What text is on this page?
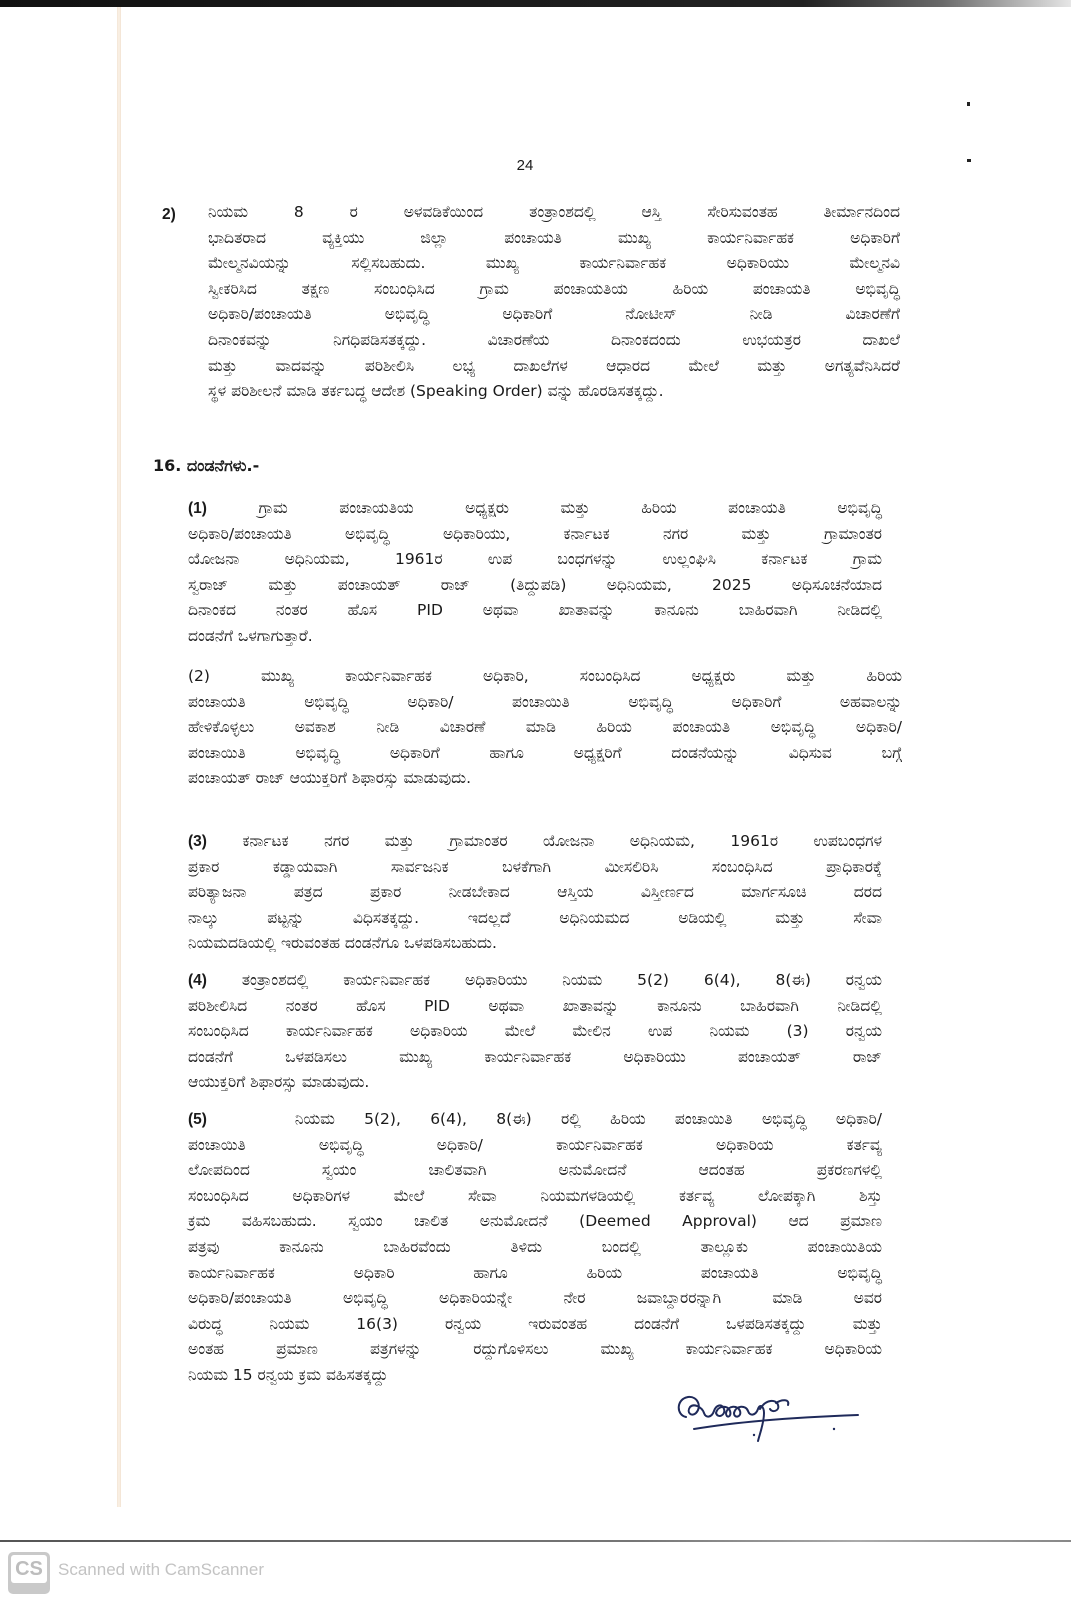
24
2) ನಿಯಮ 8 ರ ಅಳವಡಿಕೆಯಿಂದ ತಂತ್ರಾಂಶದಲ್ಲಿ ಆಸ್ತಿ ಸೇರಿಸುವಂತಹ ತೀರ್ಮಾನದಿಂದ
ಭಾದಿತರಾದ ವ್ಯಕ್ತಿಯು ಜಿಲ್ಲಾ ಪಂಚಾಯತಿ ಮುಖ್ಯ ಕಾರ್ಯನಿರ್ವಾಹಕ ಅಧಿಕಾರಿಗೆ
ಮೇಲ್ಮನವಿಯನ್ನು ಸಲ್ಲಿಸಬಹುದು. ಮುಖ್ಯ ಕಾರ್ಯನಿರ್ವಾಹಕ ಅಧಿಕಾರಿಯು ಮೇಲ್ಮನವಿ
ಸ್ವೀಕರಿಸಿದ ತಕ್ಷಣ ಸಂಬಂಧಿಸಿದ ಗ್ರಾಮ ಪಂಚಾಯತಿಯ ಹಿರಿಯ ಪಂಚಾಯತಿ ಅಭಿವೃದ್ಧಿ
ಅಧಿಕಾರಿ/ಪಂಚಾಯತಿ ಅಭಿವೃದ್ಧಿ ಅಧಿಕಾರಿಗೆ ನೋಟೀಸ್ ನೀಡಿ ವಿಚಾರಣೆಗೆ
ದಿನಾಂಕವನ್ನು ನಿಗಧಿಪಡಿಸತಕ್ಕದ್ದು. ವಿಚಾರಣೆಯ ದಿನಾಂಕದಂದು ಉಭಯತ್ರರ ದಾಖಲೆ
ಮತ್ತು ವಾದವನ್ನು ಪರಿಶೀಲಿಸಿ ಲಭ್ಯ ದಾಖಲೆಗಳ ಆಧಾರದ ಮೇಲೆ ಮತ್ತು ಅಗತ್ಯವೆನಿಸಿದರೆ
ಸ್ಥಳ ಪರಿಶೀಲನೆ ಮಾಡಿ ತರ್ಕಬದ್ಧ ಆದೇಶ (Speaking Order) ವನ್ನು ಹೊರಡಿಸತಕ್ಕದ್ದು.
16. ದಂಡನೆಗಳು.-
(1)	ಗ್ರಾಮ ಪಂಚಾಯತಿಯ ಅಧ್ಯಕ್ಷರು ಮತ್ತು ಹಿರಿಯ ಪಂಚಾಯತಿ ಅಭಿವೃದ್ಧಿ
ಅಧಿಕಾರಿ/ಪಂಚಾಯತಿ ಅಭಿವೃದ್ಧಿ ಅಧಿಕಾರಿಯು, ಕರ್ನಾಟಕ ನಗರ ಮತ್ತು ಗ್ರಾಮಾಂತರ
ಯೋಜನಾ ಅಧಿನಿಯಮ, 1961ರ ಉಪ ಬಂಧಗಳನ್ನು ಉಲ್ಲಂಘಿಸಿ ಕರ್ನಾಟಕ ಗ್ರಾಮ
ಸ್ವರಾಜ್ ಮತ್ತು ಪಂಚಾಯತ್ ರಾಜ್ (ತಿದ್ದುಪಡಿ) ಅಧಿನಿಯಮ, 2025 ಅಧಿಸೂಚನೆಯಾದ
ದಿನಾಂಕದ ನಂತರ ಹೊಸ PID ಅಥವಾ ಖಾತಾವನ್ನು ಕಾನೂನು ಬಾಹಿರವಾಗಿ ನೀಡಿದಲ್ಲಿ
ದಂಡನೆಗೆ ಒಳಗಾಗುತ್ತಾರೆ.
(2)	ಮುಖ್ಯ ಕಾರ್ಯನಿರ್ವಾಹಕ ಅಧಿಕಾರಿ, ಸಂಬಂಧಿಸಿದ ಅಧ್ಯಕ್ಷರು ಮತ್ತು ಹಿರಿಯ
ಪಂಚಾಯತಿ ಅಭಿವೃದ್ಧಿ ಅಧಿಕಾರಿ/ ಪಂಚಾಯಿತಿ ಅಭಿವೃದ್ಧಿ ಅಧಿಕಾರಿಗೆ ಅಹವಾಲನ್ನು
ಹೇಳಿಕೊಳ್ಳಲು ಅವಕಾಶ ನೀಡಿ ವಿಚಾರಣೆ ಮಾಡಿ ಹಿರಿಯ ಪಂಚಾಯತಿ ಅಭಿವೃದ್ಧಿ ಅಧಿಕಾರಿ/
ಪಂಚಾಯಿತಿ ಅಭಿವೃದ್ಧಿ ಅಧಿಕಾರಿಗೆ ಹಾಗೂ ಅಧ್ಯಕ್ಷರಿಗೆ ದಂಡನೆಯನ್ನು ವಿಧಿಸುವ ಬಗ್ಗೆ
ಪಂಚಾಯತ್ ರಾಜ್ ಆಯುಕ್ತರಿಗೆ ಶಿಫಾರಸ್ಸು ಮಾಡುವುದು.
(3) ಕರ್ನಾಟಕ ನಗರ ಮತ್ತು ಗ್ರಾಮಾಂತರ ಯೋಜನಾ ಅಧಿನಿಯಮ, 1961ರ ಉಪಬಂಧಗಳ
ಪ್ರಕಾರ ಕಡ್ಡಾಯವಾಗಿ ಸಾರ್ವಜನಿಕ ಬಳಕೆಗಾಗಿ ಮೀಸಲಿರಿಸಿ ಸಂಬಂಧಿಸಿದ ಪ್ರಾಧಿಕಾರಕ್ಕೆ
ಪರಿತ್ಯಾಜನಾ ಪತ್ರದ ಪ್ರಕಾರ ನೀಡಬೇಕಾದ ಆಸ್ತಿಯ ವಿಸ್ತೀರ್ಣದ ಮಾರ್ಗಸೂಚಿ ದರದ
ನಾಲ್ಕು ಪಟ್ಟನ್ನು ವಿಧಿಸತಕ್ಕದ್ದು. ಇದಲ್ಲದೆ ಅಧಿನಿಯಮದ ಅಡಿಯಲ್ಲಿ ಮತ್ತು ಸೇವಾ
ನಿಯಮದಡಿಯಲ್ಲಿ ಇರುವಂತಹ ದಂಡನೆಗೂ ಒಳಪಡಿಸಬಹುದು.
(4) ತಂತ್ರಾಂಶದಲ್ಲಿ ಕಾರ್ಯನಿರ್ವಾಹಕ ಅಧಿಕಾರಿಯು ನಿಯಮ 5(2) 6(4), 8(ಈ) ರನ್ವಯ
ಪರಿಶೀಲಿಸಿದ ನಂತರ ಹೊಸ PID ಅಥವಾ ಖಾತಾವನ್ನು ಕಾನೂನು ಬಾಹಿರವಾಗಿ ನೀಡಿದಲ್ಲಿ
ಸಂಬಂಧಿಸಿದ ಕಾರ್ಯನಿರ್ವಾಹಕ ಅಧಿಕಾರಿಯ ಮೇಲೆ ಮೇಲಿನ ಉಪ ನಿಯಮ (3) ರನ್ವಯ
ದಂಡನೆಗೆ ಒಳಪಡಿಸಲು ಮುಖ್ಯ ಕಾರ್ಯನಿರ್ವಾಹಕ ಅಧಿಕಾರಿಯು ಪಂಚಾಯತ್ ರಾಜ್
ಆಯುಕ್ತರಿಗೆ ಶಿಫಾರಸ್ಸು ಮಾಡುವುದು.
(5)	ನಿಯಮ 5(2), 6(4), 8(ಈ) ರಲ್ಲಿ ಹಿರಿಯ ಪಂಚಾಯಿತಿ ಅಭಿವೃದ್ಧಿ ಅಧಿಕಾರಿ/
ಪಂಚಾಯಿತಿ ಅಭಿವೃದ್ಧಿ ಅಧಿಕಾರಿ/ ಕಾರ್ಯನಿರ್ವಾಹಕ ಅಧಿಕಾರಿಯ ಕರ್ತವ್ಯ
ಲೋಪದಿಂದ ಸ್ವಯಂ ಚಾಲಿತವಾಗಿ ಅನುಮೋದನೆ ಆದಂತಹ ಪ್ರಕರಣಗಳಲ್ಲಿ
ಸಂಬಂಧಿಸಿದ ಅಧಿಕಾರಿಗಳ ಮೇಲೆ ಸೇವಾ ನಿಯಮಗಳಡಿಯಲ್ಲಿ ಕರ್ತವ್ಯ ಲೋಪಕ್ಕಾಗಿ ಶಿಸ್ತು
ಕ್ರಮ ವಹಿಸಬಹುದು. ಸ್ವಯಂ ಚಾಲಿತ ಅನುಮೋದನೆ (Deemed Approval) ಆದ ಪ್ರಮಾಣ
ಪತ್ರವು ಕಾನೂನು ಬಾಹಿರವೆಂದು ತಿಳಿದು ಬಂದಲ್ಲಿ ತಾಲ್ಲೂಕು ಪಂಚಾಯಿತಿಯ
ಕಾರ್ಯನಿರ್ವಾಹಕ ಅಧಿಕಾರಿ ಹಾಗೂ ಹಿರಿಯ ಪಂಚಾಯತಿ ಅಭಿವೃದ್ಧಿ
ಅಧಿಕಾರಿ/ಪಂಚಾಯತಿ ಅಭಿವೃದ್ಧಿ ಅಧಿಕಾರಿಯನ್ನೇ ನೇರ ಜವಾಬ್ದಾರರನ್ನಾಗಿ ಮಾಡಿ ಅವರ
ವಿರುದ್ಧ ನಿಯಮ 16(3) ರನ್ವಯ ಇರುವಂತಹ ದಂಡನೆಗೆ ಒಳಪಡಿಸತಕ್ಕದ್ದು ಮತ್ತು
ಅಂತಹ ಪ್ರಮಾಣ ಪತ್ರಗಳನ್ನು ರದ್ದುಗೊಳಿಸಲು ಮುಖ್ಯ ಕಾರ್ಯನಿರ್ವಾಹಕ ಅಧಿಕಾರಿಯ
ನಿಯಮ 15 ರನ್ವಯ ಕ್ರಮ ವಹಿಸತಕ್ಕದ್ದು
CS Scanned with CamScanner
